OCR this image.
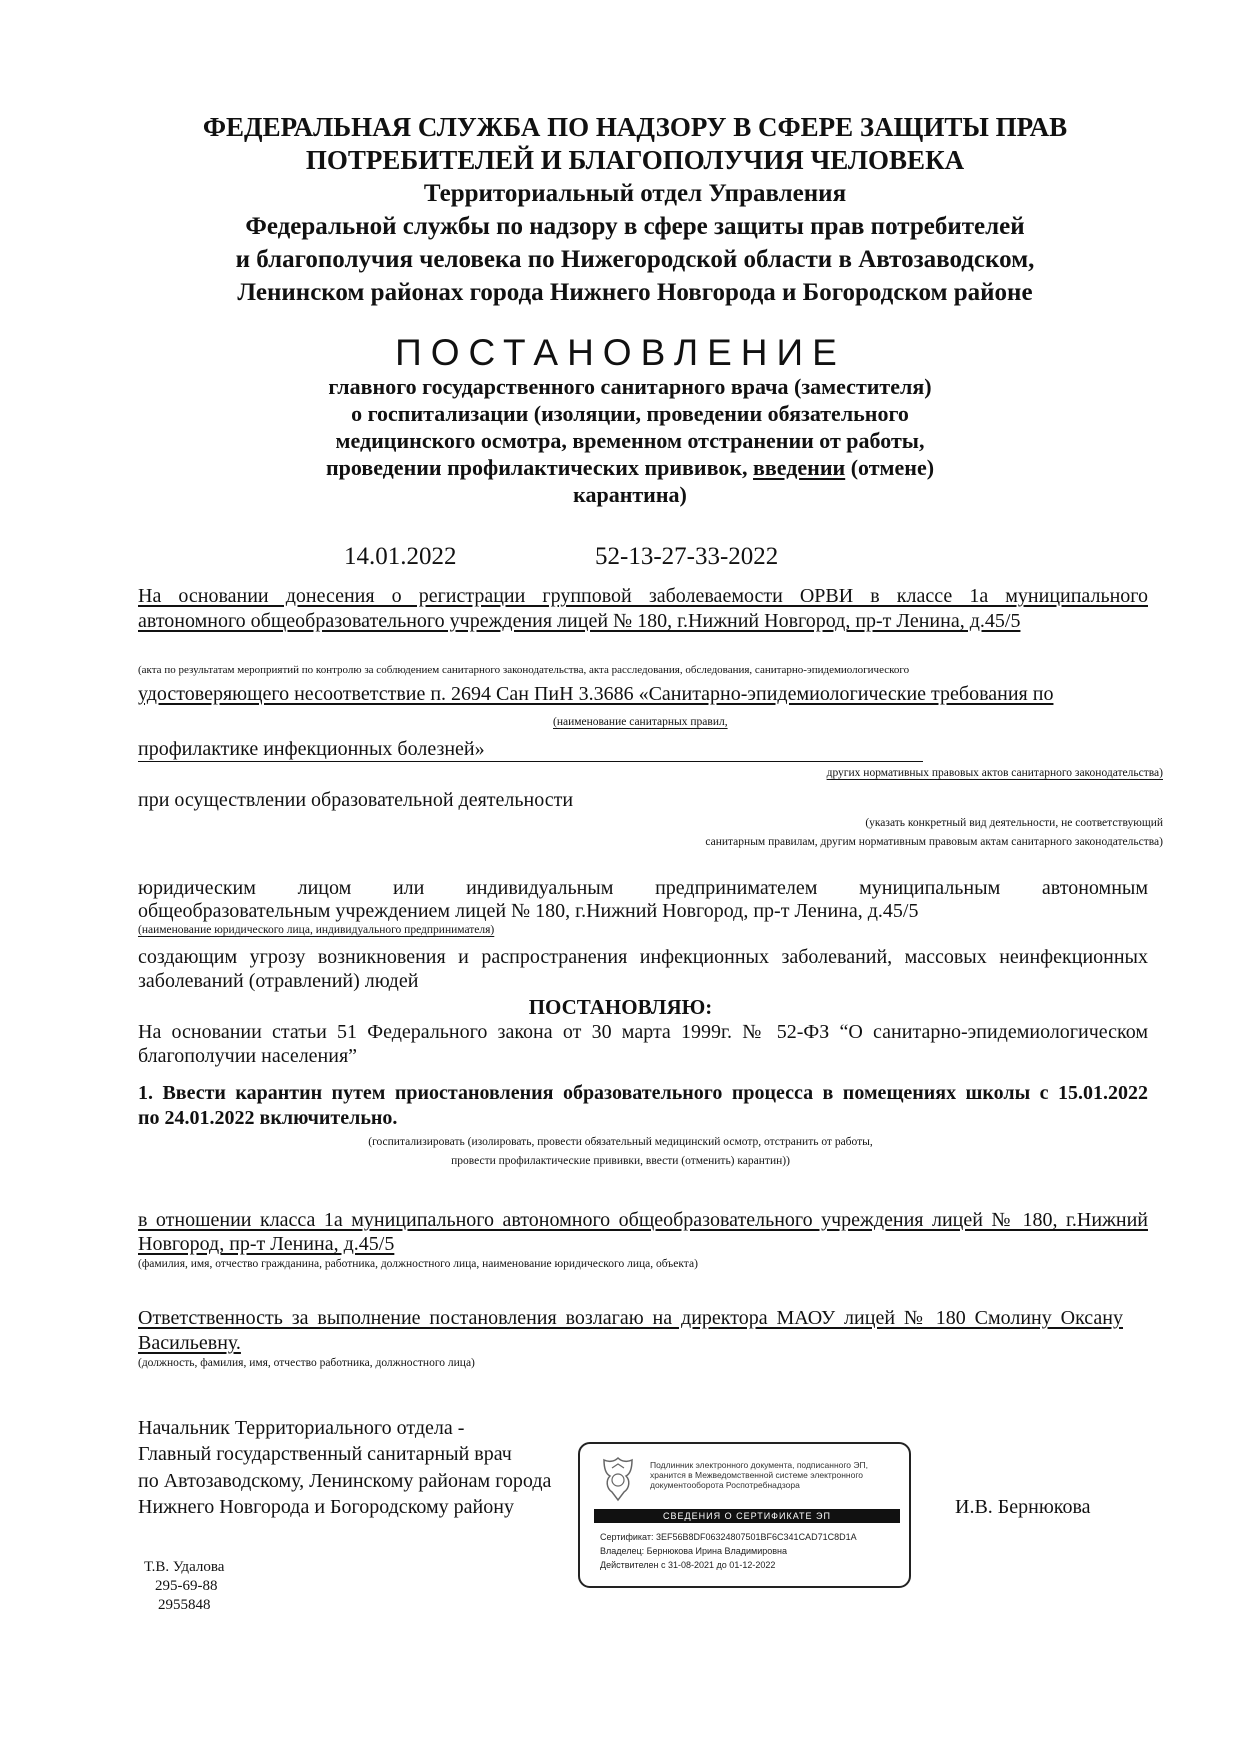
ФЕДЕРАЛЬНАЯ СЛУЖБА ПО НАДЗОРУ В СФЕРЕ ЗАЩИТЫ ПРАВ
ПОТРЕБИТЕЛЕЙ И БЛАГОПОЛУЧИЯ ЧЕЛОВЕКА
Территориальный отдел Управления
Федеральной службы по надзору в сфере защиты прав потребителей
и благополучия человека по Нижегородской области в Автозаводском,
Ленинском районах города Нижнего Новгорода и Богородском районе
ПОСТАНОВЛЕНИЕ
главного государственного санитарного врача (заместителя)
о госпитализации (изоляции, проведении обязательного
медицинского осмотра, временном отстранении от работы,
проведении профилактических прививок, введении (отмене)
карантина)
14.01.2022	52-13-27-33-2022
На основании донесения о регистрации групповой заболеваемости ОРВИ в классе 1а муниципального
автономного общеобразовательного учреждения лицей № 180, г.Нижний Новгород, пр-т Ленина, д.45/5
(акта по результатам мероприятий по контролю за соблюдением санитарного законодательства, акта расследования, обследования, санитарно-эпидемиологического
удостоверяющего несоответствие п. 2694 Сан ПиН 3.3686 «Санитарно-эпидемиологические требования по
(наименование санитарных правил,
профилактике инфекционных болезней»
других нормативных правовых актов санитарного законодательства)
при осуществлении образовательной деятельности
(указать конкретный вид деятельности, не соответствующий
санитарным правилам, другим нормативным правовым актам санитарного законодательства)
юридическим лицом или индивидуальным предпринимателем муниципальным автономным
общеобразовательным учреждением лицей № 180, г.Нижний Новгород, пр-т Ленина, д.45/5
(наименование юридического лица, индивидуального предпринимателя)
создающим угрозу возникновения и распространения инфекционных заболеваний, массовых неинфекционных
заболеваний (отравлений) людей
ПОСТАНОВЛЯЮ:
На основании статьи 51 Федерального закона от 30 марта 1999г. № 52-ФЗ “О санитарно-эпидемиологическом
благополучии населения”
1. Ввести карантин путем приостановления образовательного процесса в помещениях школы с 15.01.2022
по 24.01.2022 включительно.
(госпитализировать (изолировать, провести обязательный медицинский осмотр, отстранить от работы,
провести профилактические прививки, ввести (отменить) карантин))
в отношении класса 1а муниципального автономного общеобразовательного учреждения лицей № 180, г.Нижний
Новгород, пр-т Ленина, д.45/5
(фамилия, имя, отчество гражданина, работника, должностного лица, наименование юридического лица, объекта)
Ответственность за выполнение постановления возлагаю на директора МАОУ лицей № 180 Смолину Оксану
Васильевну.
(должность, фамилия, имя, отчество работника, должностного лица)
Начальник Территориального отдела -
Главный государственный санитарный врач
по Автозаводскому, Ленинскому районам города
Нижнего Новгорода и Богородскому району	И.В. Бернюкова
Подлинник электронного документа, подписанного ЭП, хранится в Межведомственной системе электронного документооборота Роспотребнадзора
СВЕДЕНИЯ О СЕРТИФИКАТЕ ЭП
Сертификат: 3EF56B8DF06324807501BF6C341CAD71C8D1A
Владелец: Бернюкова Ирина Владимировна
Действителен с 31-08-2021 до 01-12-2022
Т.В. Удалова
295-69-88
2955848
